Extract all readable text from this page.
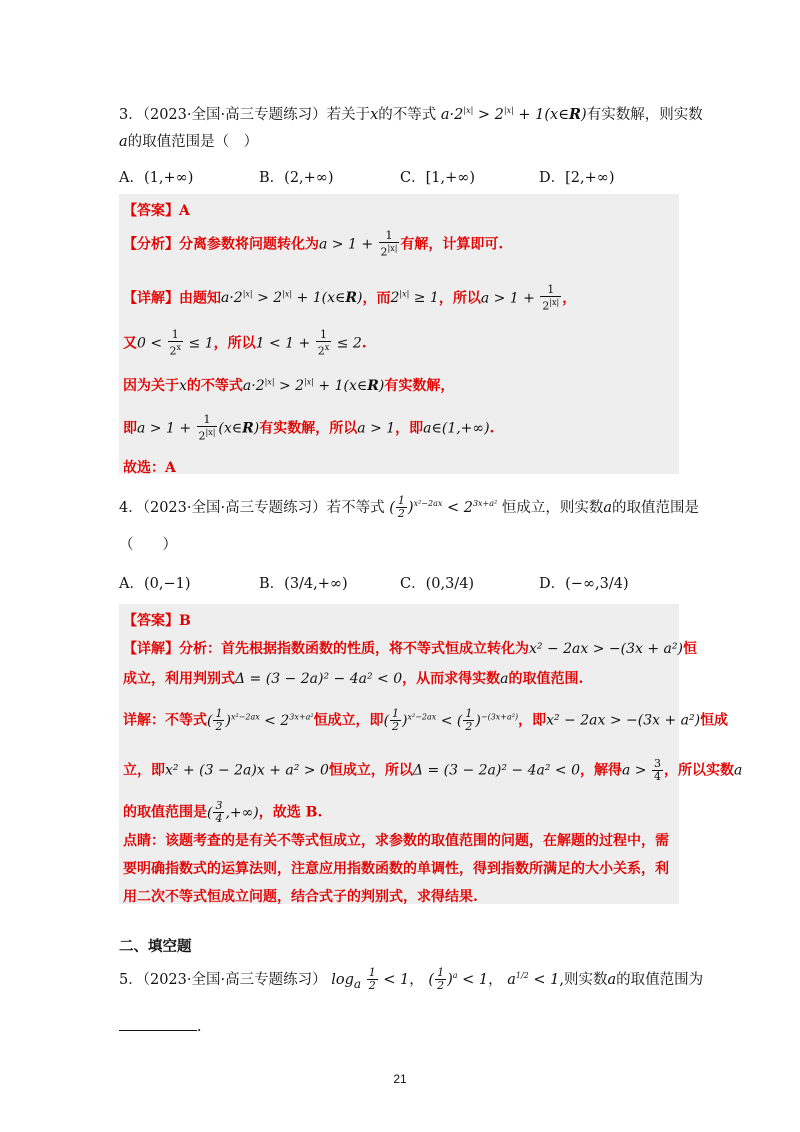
3．（2023·全国·高三专题练习）若关于x的不等式 $a\cdot 2^{|x|} > 2^{|x|}$ + 1(x∈R)有实数解，则实数
a的取值范围是（　）
A．(1,+∞)	B．(2,+∞)	C．[1,+∞)	D．[2,+∞)
【答案】A
【分析】分离参数将问题转化为$a > 1 + \frac{1}{2^{|x|}}$ 有解，计算即可.
【详解】由题知$a\cdot 2^{|x|} > 2^{|x|}$ + 1(x∈R)，而$2^{|x|} \ge 1$，所以$a > 1 + \frac{1}{2^{|x|}}$ ，
又$0 < \frac{1}{2^x} \le 1$，所以$1 < 1 + \frac{1}{2^x} \le 2$.
因为关于x的不等式$a\cdot 2^{|x|} > 2^{|x|}$ + 1(x∈R)有实数解，
即$a > 1 + \frac{1}{2^{|x|}}$ (x∈R)有实数解，所以a > 1，即a∈(1,+∞).
故选：A
4．（2023·全国·高三专题练习）若不等式 ( $\frac{1}{2} )^{x^2-2ax} < 2^{3x+a^2}$ 恒成立，则实数a的取值范围是
（　　）
A．(0,−1)	B．(3/4,+∞)	C．(0,3/4)	D．(−∞,3/4)
【答案】B
【详解】分析：首先根据指数函数的性质，将不等式恒成立转化为x² − 2ax > −(3x + a²)恒
成立，利用判别式Δ = (3 − 2a)² − 4a² < 0，从而求得实数a的取值范围.
详解：不等式( $\frac{1}{2} )^{x^2-2ax} < 2^{3x+a^2}$恒成立，即( $\frac{1}{2} )^{x^2-2ax}$ < ( $\frac{1}{2} )^{-(3x+a^2)}$，即x² − 2ax > −(3x + a²)恒成
立，即x² + (3 − 2a)x + a² > 0恒成立，所以Δ = (3 − 2a)² − 4a² < 0，解得$a > \frac{3}{4}$ ，所以实数a
的取值范围是( $\frac{3}{4}$ ,+∞)，故选 B.
点睛：该题考查的是有关不等式恒成立，求参数的取值范围的问题，在解题的过程中，需
要明确指数式的运算法则，注意应用指数函数的单调性，得到指数所满足的大小关系，利
用二次不等式恒成立问题，结合式子的判别式，求得结果.
二、填空题
5．（2023·全国·高三专题练习） $\log_a \frac{1}{2} < 1$， ( $\frac{1}{2} )^a < 1$， $a^{1/2} < 1$,则实数a的取值范围为
.
21
